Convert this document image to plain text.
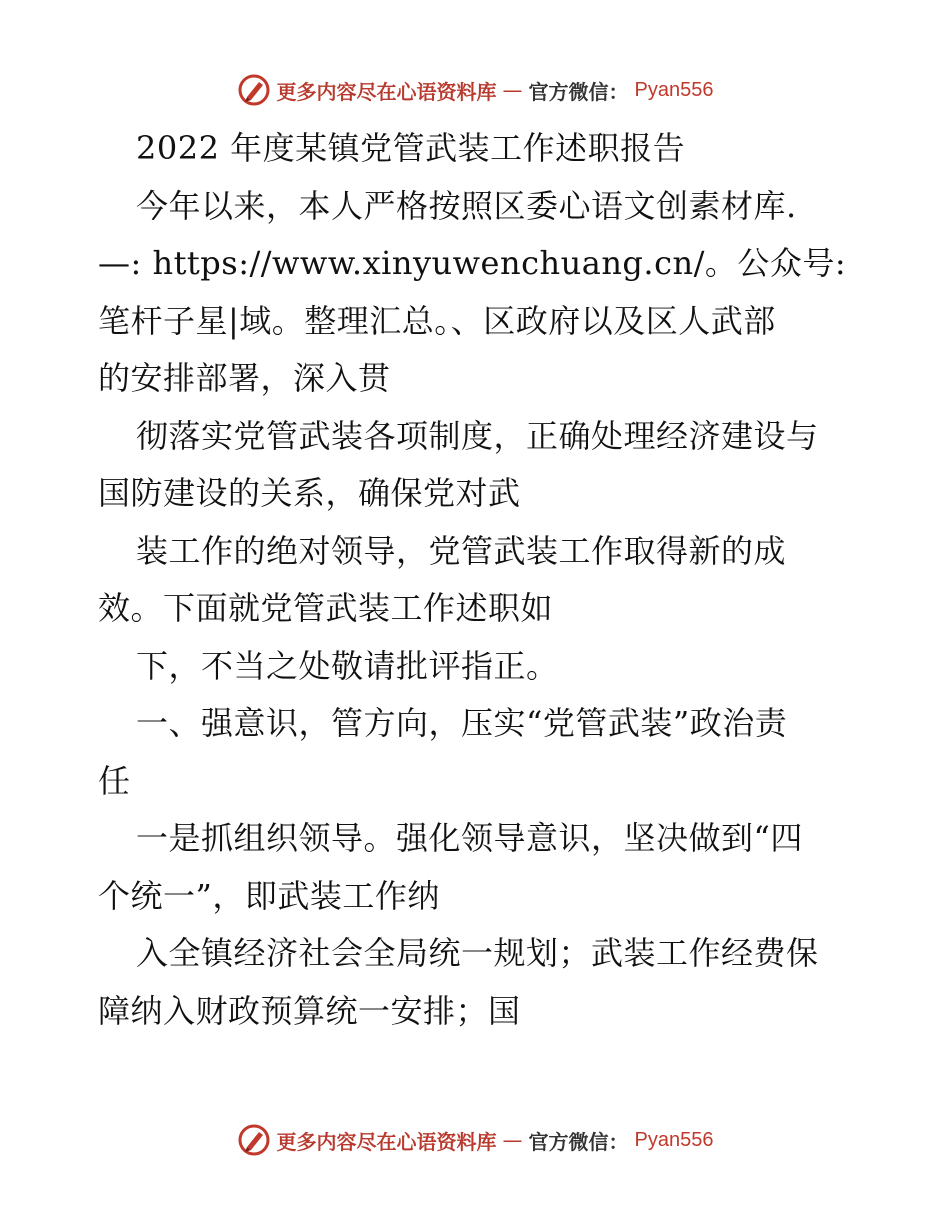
更多内容尽在心语资料库 — 官方微信： Pyan556
2022 年度某镇党管武装工作述职报告
今年以来，本人严格按照区委心语文创素材库.
—: https://www.xinyuwenchuang.cn/。公众号:
笔杆子星|域。整理汇总。、区政府以及区人武部
的安排部署，深入贯
彻落实党管武装各项制度，正确处理经济建设与
国防建设的关系，确保党对武
装工作的绝对领导，党管武装工作取得新的成
效。下面就党管武装工作述职如
下，不当之处敬请批评指正。
一、强意识，管方向，压实“党管武装”政治责
任
一是抓组织领导。强化领导意识，坚决做到“四
个统一”，即武装工作纳
入全镇经济社会全局统一规划；武装工作经费保
障纳入财政预算统一安排；国
更多内容尽在心语资料库 — 官方微信： Pyan556
